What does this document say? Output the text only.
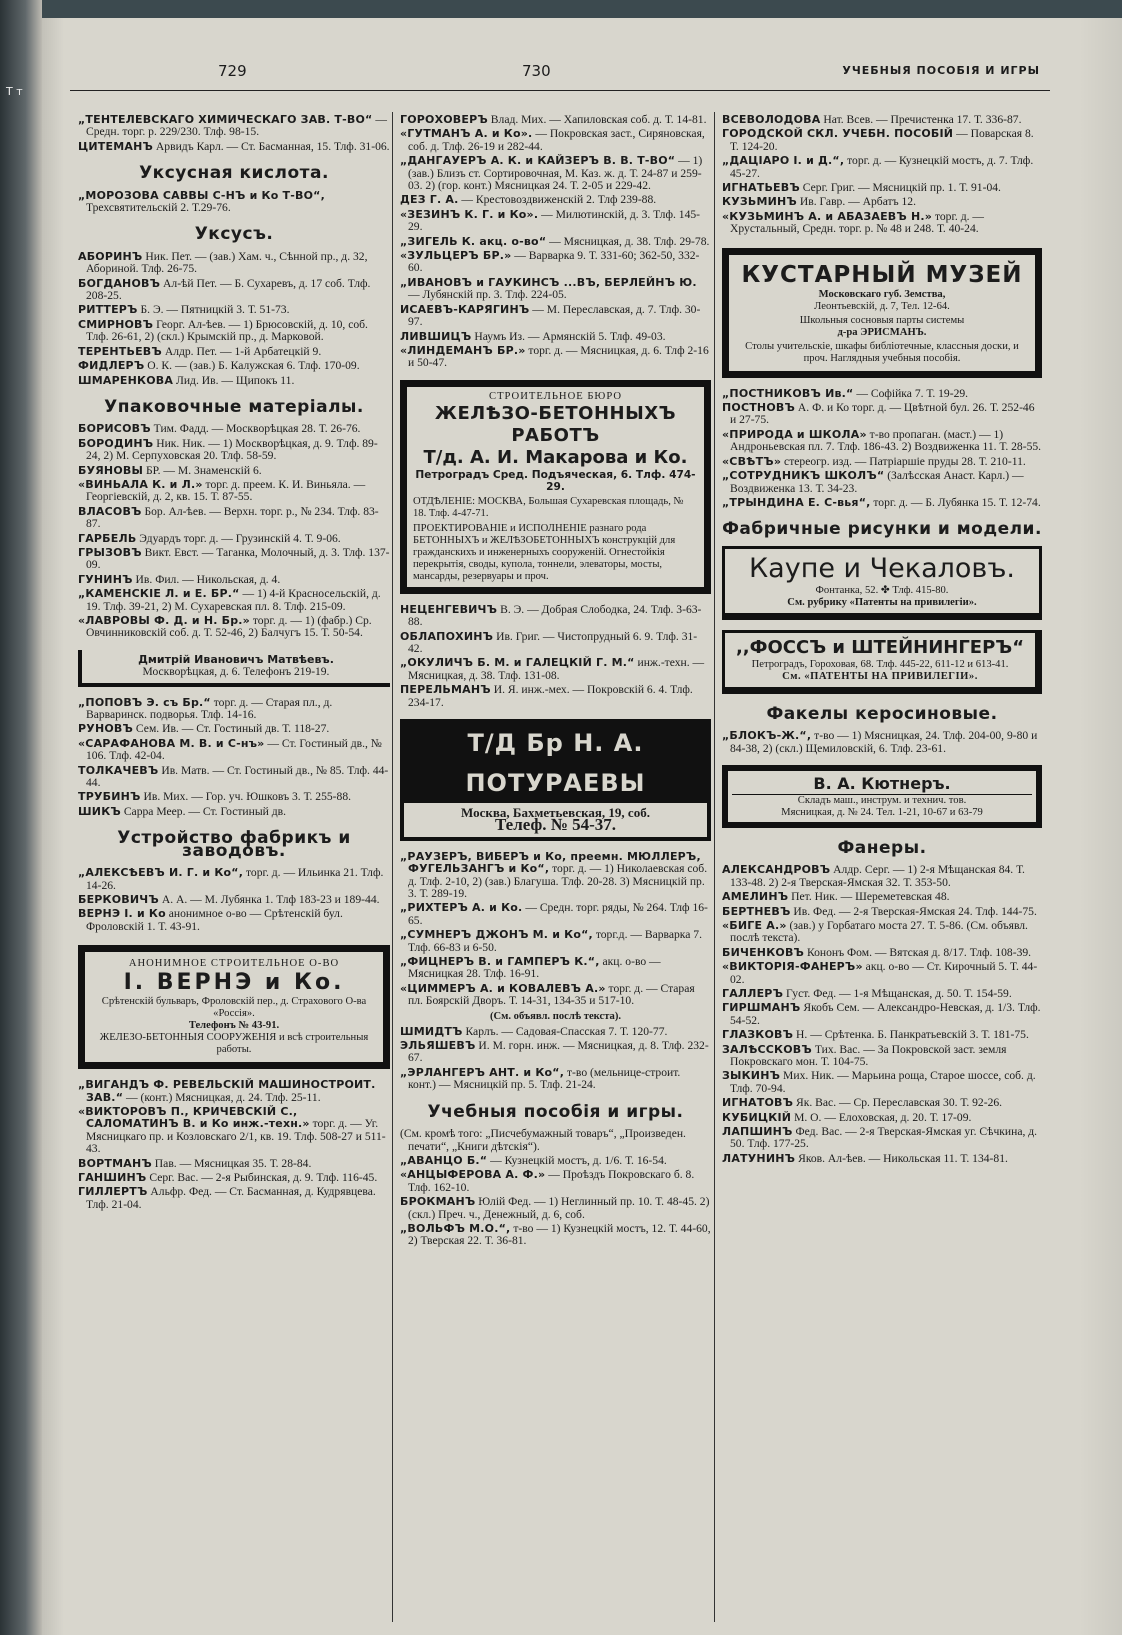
Т т
729	730	УЧЕБНЫЯ ПОСОБІЯ И ИГРЫ
„ТЕНТЕЛЕВСКАГО ХИМИЧЕСКАГО ЗАВ. Т-ВО“ — Средн. торг. р. 229/230. Тлф. 98-15.
ЦИТЕМАНЪ Арвидъ Карл. — Ст. Басманная, 15. Тлф. 31-06.
Уксусная кислота.
„МОРОЗОВА САВВЫ С-НЪ и Ко Т-ВО“, Трехсвятительскій 2. Т.29-76.
Уксусъ.
АБОРИНЪ Ник. Пет. — (зав.) Хам. ч., Сѣнной пр., д. 32, Абориной. Тлф. 26-75.
БОГДАНОВЪ Ал-ѣй Пет. — Б. Сухаревъ, д. 17 соб. Тлф. 208-25.
РИТТЕРЪ Б. Э. — Пятницкій 3. Т. 51-73.
СМИРНОВЪ Георг. Ал-ѣев. — 1) Брюсовскій, д. 10, соб. Тлф. 26-61, 2) (скл.) Крымскій пр., д. Марковой.
ТЕРЕНТЬЕВЪ Алдр. Пет. — 1-й Арбатецкій 9.
ФИДЛЕРЪ О. К. — (зав.) Б. Калужская 6. Тлф. 170-09.
ШМАРЕНКОВА Лид. Ив. — Щипокъ 11.
Упаковочные матеріалы.
БОРИСОВЪ Тим. Фадд. — Москворѣцкая 28. Т. 26-76.
БОРОДИНЪ Ник. Ник. — 1) Москворѣцкая, д. 9. Тлф. 89-24, 2) М. Серпуховская 20. Тлф. 58-59.
БУЯНОВЫ БР. — М. Знаменскій 6.
«ВИНЬАЛА К. и Л.» торг. д. преем. К. И. Виньяла. — Георгіевскій, д. 2, кв. 15. Т. 87-55.
ВЛАСОВЪ Бор. Ал-ѣев. — Верхн. торг. р., № 234. Тлф. 83-87.
ГАРБЕЛЬ Эдуардъ торг. д. — Грузинскій 4. Т. 9-06.
ГРЫЗОВЪ Викт. Евст. — Таганка, Молочный, д. 3. Тлф. 137-09.
ГУНИНЪ Ив. Фил. — Никольская, д. 4.
„КАМЕНСКІЕ Л. и Е. БР.“ — 1) 4-й Красносельскій, д. 19. Тлф. 39-21, 2) М. Сухаревская пл. 8. Тлф. 215-09.
«ЛАВРОВЫ Ф. Д. и Н. Бр.» торг. д. — 1) (фабр.) Ср. Овчинниковскій соб. д. Т. 52-46, 2) Балчугъ 15. Т. 50-54.
Дмитрій Ивановичъ Матвѣевъ.
Москворѣцкая, д. 6. Телефонъ 219-19.
„ПОПОВЪ Э. съ Бр.“ торг. д. — Старая пл., д. Варваринск. подворья. Тлф. 14-16.
РУНОВЪ Сем. Ив. — Ст. Гостиный дв. Т. 118-27.
«САРАФАНОВА М. В. и С-нъ» — Ст. Гостиный дв., № 106. Тлф. 42-04.
ТОЛКАЧЕВЪ Ив. Матв. — Ст. Гостиный дв., № 85. Тлф. 44-44.
ТРУБИНЪ Ив. Мих. — Гор. уч. Юшковъ 3. Т. 255-88.
ШИКЪ Сарра Меер. — Ст. Гостиный дв.
Устройство фабрикъ и заводовъ.
„АЛЕКСѢЕВЪ И. Г. и Ко“, торг. д. — Ильинка 21. Тлф. 14-26.
БЕРКОВИЧЪ А. А. — М. Лубянка 1. Тлф 183-23 и 189-44.
ВЕРНЭ І. и Ко анонимное о-во — Срѣтенскій бул. Фроловскій 1. Т. 43-91.
АНОНИМНОЕ СТРОИТЕЛЬНОЕ О-ВО
І. ВЕРНЭ и Ко.
Срѣтенскій бульваръ, Фроловскій пер., д. Страхового О-ва «Россія».
Телефонъ № 43-91.
ЖЕЛЕЗО-БЕТОННЫЯ СООРУЖЕНІЯ и всѣ строительныя работы.
„ВИГАНДЪ Ф. РЕВЕЛЬСКІЙ МАШИНОСТРОИТ. ЗАВ.“ — (конт.) Мясницкая, д. 24. Тлф. 25-11.
«ВИКТОРОВЪ П., КРИЧЕВСКІЙ С., САЛОМАТИНЪ В. и Ко инж.-техн.» торг. д. — Уг. Мясницкаго пр. и Козловскаго 2/1, кв. 19. Тлф. 508-27 и 511-43.
ВОРТМАНЪ Пав. — Мясницкая 35. Т. 28-84.
ГАНШИНЪ Серг. Вас. — 2-я Рыбинская, д. 9. Тлф. 116-45.
ГИЛЛЕРТЪ Альфр. Фед. — Ст. Басманная, д. Кудрявцева. Тлф. 21-04.
ГОРОХОВЕРЪ Влад. Мих. — Хапиловская соб. д. Т. 14-81.
«ГУТМАНЪ А. и Ко». — Покровская заст., Сиряновская, соб. д. Тлф. 26-19 и 282-44.
„ДАНГАУЕРЪ А. К. и КАЙЗЕРЪ В. В. Т-ВО“ — 1) (зав.) Близъ ст. Сортировочная, М. Каз. ж. д. Т. 24-87 и 259-03. 2) (гор. конт.) Мясницкая 24. Т. 2-05 и 229-42.
ДЕЗ Г. А. — Крестовоздвиженскій 2. Тлф 239-88.
«ЗЕЗИНЪ К. Г. и Ко». — Милютинскій, д. 3. Тлф. 145-29.
„ЗИГЕЛЬ К. акц. о-во“ — Мясницкая, д. 38. Тлф. 29-78.
«ЗУЛЬЦЕРЪ БР.» — Варварка 9. Т. 331-60; 362-50, 332-60.
„ИВАНОВЪ и ГАУКИНСЪ ...ВЪ, БЕРЛЕЙНЪ Ю. — Лубянскій пр. 3. Тлф. 224-05.
ИСАЕВЪ-КАРЯГИНЪ — М. Переславская, д. 7. Тлф. 30-97.
ЛИВШИЦЪ Наумъ Из. — Армянскій 5. Тлф. 49-03.
«ЛИНДЕМАНЪ БР.» торг. д. — Мясницкая, д. 6. Тлф 2-16 и 50-47.
СТРОИТЕЛЬНОЕ БЮРО
ЖЕЛѢЗО-БЕТОННЫХЪ РАБОТЪ
Т/д. А. И. Макарова и Ко.
Петроградъ Сред. Подъяческая, 6. Тлф. 474-29.
ОТДѢЛЕНІЕ: МОСКВА, Большая Сухаревская площадь, № 18. Тлф. 4-47-71.
ПРОЕКТИРОВАНІЕ и ИСПОЛНЕНІЕ разнаго рода БЕТОННЫХЪ и ЖЕЛѢЗОБЕТОННЫХЪ конструкцій для гражданскихъ и инженерныхъ сооруженій. Огнестойкія перекрытія, своды, купола, тоннели, элеваторы, мосты, мансарды, резервуары и проч.
НЕЦЕНГЕВИЧЪ В. Э. — Добрая Слободка, 24. Тлф. 3-63-88.
ОБЛАПОХИНЪ Ив. Григ. — Чистопрудный 6. 9. Тлф. 31-42.
„ОКУЛИЧЪ Б. М. и ГАЛЕЦКІЙ Г. М.“ инж.-техн. — Мясницкая, д. 38. Тлф. 131-08.
ПЕРЕЛЬМАНЪ И. Я. инж.-мех. — Покровскій 6. 4. Тлф. 234-17.
Т/Д Бр Н. А. ПОТУРАЕВЫ
Москва, Бахметьевская, 19, соб.
Телеф. № 54-37.
„РАУЗЕРЪ, ВИБЕРЪ и Ко, преемн. МЮЛЛЕРЪ, ФУГЕЛЬЗАНГЪ и Ко“, торг. д. — 1) Николаевская соб. д. Тлф. 2-10, 2) (зав.) Благуша. Тлф. 20-28. 3) Мясницкій пр. 3. Т. 289-19.
„РИХТЕРЪ А. и Ко. — Средн. торг. ряды, № 264. Тлф 16-65.
„СУМНЕРЪ ДЖОНЪ М. и Ко“, торг.д. — Варварка 7. Тлф. 66-83 и 6-50.
„ФИЦНЕРЪ В. и ГАМПЕРЪ К.“, акц. о-во — Мясницкая 28. Тлф. 16-91.
«ЦИММЕРЪ А. и КОВАЛЕВЪ А.» торг. д. — Старая пл. Боярскій Дворъ. Т. 14-31, 134-35 и 517-10.
(См. объявл. послѣ текста).
ШМИДТЪ Карлъ. — Садовая-Спасская 7. Т. 120-77.
ЭЛЬЯШЕВЪ И. М. горн. инж. — Мясницкая, д. 8. Тлф. 232-67.
„ЭРЛАНГЕРЪ АНТ. и Ко“, т-во (мельнице-строит. конт.) — Мясницкій пр. 5. Тлф. 21-24.
Учебныя пособія и игры.
(См. кромѣ того: „Писчебумажный товаръ“, „Произведен. печати“, „Книги дѣтскія“).
„АВАНЦО Б.“ — Кузнецкій мостъ, д. 1/6. Т. 16-54.
«АНЦЫФЕРОВА А. Ф.» — Проѣздъ Покровскаго б. 8. Тлф. 162-10.
БРОКМАНЪ Юлій Фед. — 1) Неглинный пр. 10. Т. 48-45. 2) (скл.) Преч. ч., Денежный, д. 6, соб.
„ВОЛЬФЪ М.О.“, т-во — 1) Кузнецкій мостъ, 12. Т. 44-60, 2) Тверская 22. Т. 36-81.
ВСЕВОЛОДОВА Нат. Всев. — Пречистенка 17. Т. 336-87.
ГОРОДСКОЙ СКЛ. УЧЕБН. ПОСОБІЙ — Поварская 8. Т. 124-20.
„ДАЦІАРО І. и Д.“, торг. д. — Кузнецкій мостъ, д. 7. Тлф. 45-27.
ИГНАТЬЕВЪ Серг. Григ. — Мясницкій пр. 1. Т. 91-04.
КУЗЬМИНЪ Ив. Гавр. — Арбатъ 12.
«КУЗЬМИНЪ А. и АБАЗАЕВЪ Н.» торг. д. — Хрустальный, Средн. торг. р. № 48 и 248. Т. 40-24.
КУСТАРНЫЙ МУЗЕЙ
Московскаго губ. Земства,
Леонтьевскій, д. 7, Тел. 12-64.
Школьныя сосновыя парты системы
д-ра ЭРИСМАНЪ.
Столы учительскіе, шкафы библіотечные, классныя доски, и проч. Наглядныя учебныя пособія.
„ПОСТНИКОВЪ Ив.“ — Софійка 7. Т. 19-29.
ПОСТНОВЪ А. Ф. и Ко торг. д. — Цвѣтной бул. 26. Т. 252-46 и 27-75.
«ПРИРОДА и ШКОЛА» т-во пропаган. (маст.) — 1) Андроньевская пл. 7. Тлф. 186-43. 2) Воздвиженка 11. Т. 28-55.
«СВѢТЪ» стереогр. изд. — Патріаршіе пруды 28. Т. 210-11.
„СОТРУДНИКЪ ШКОЛЪ“ (Залѣсская Анаст. Карл.) — Воздвиженка 13. Т. 34-23.
„ТРЫНДИНА Е. С-вья“, торг. д. — Б. Лубянка 15. Т. 12-74.
Фабричные рисунки и модели.
Каупе и Чекаловъ.
Фонтанка, 52. ✤ Тлф. 415-80.
См. рубрику «Патенты на привилегіи».
,,ФОССЪ и ШТЕЙНИНГЕРЪ“
Петроградъ, Гороховая, 68. Тлф. 445-22, 611-12 и 613-41.
См. «ПАТЕНТЫ НА ПРИВИЛЕГІИ».
Факелы керосиновые.
„БЛОКЪ-Ж.“, т-во — 1) Мясницкая, 24. Тлф. 204-00, 9-80 и 84-38, 2) (скл.) Щемиловскій, 6. Тлф. 23-61.
В. А. Кютнеръ.
Складъ маш., инструм. и технич. тов.
Мясницкая, д. № 24. Тел. 1-21, 10-67 и 63-79
Фанеры.
АЛЕКСАНДРОВЪ Алдр. Серг. — 1) 2-я Мѣщанская 84. Т. 133-48. 2) 2-я Тверская-Ямская 32. Т. 353-50.
АМЕЛИНЪ Пет. Ник. — Шереметевская 48.
БЕРТНЕВЪ Ив. Фед. — 2-я Тверская-Ямская 24. Тлф. 144-75.
«БИГЕ А.» (зав.) у Горбатаго моста 27. Т. 5-86. (См. объявл. послѣ текста).
БИЧЕНКОВЪ Кононъ Фом. — Вятская д. 8/17. Тлф. 108-39.
«ВИКТОРІЯ-ФАНЕРЪ» акц. о-во — Ст. Кирочный 5. Т. 44-02.
ГАЛЛЕРЪ Густ. Фед. — 1-я Мѣщанская, д. 50. Т. 154-59.
ГИРШМАНЪ Якобъ Сем. — Александро-Невская, д. 1/3. Тлф. 54-52.
ГЛАЗКОВЪ Н. — Срѣтенка. Б. Панкратьевскій 3. Т. 181-75.
ЗАЛѢССКОВЪ Тих. Вас. — За Покровской заст. земля Покровскаго мон. Т. 104-75.
ЗЫКИНЪ Мих. Ник. — Марьина роща, Старое шоссе, соб. д. Тлф. 70-94.
ИГНАТОВЪ Як. Вас. — Ср. Переславская 30. Т. 92-26.
КУБИЦКІЙ М. О. — Елоховская, д. 20. Т. 17-09.
ЛАПШИНЪ Фед. Вас. — 2-я Тверская-Ямская уг. Сѣчкина, д. 50. Тлф. 177-25.
ЛАТУНИНЪ Яков. Ал-ѣев. — Никольская 11. Т. 134-81.
